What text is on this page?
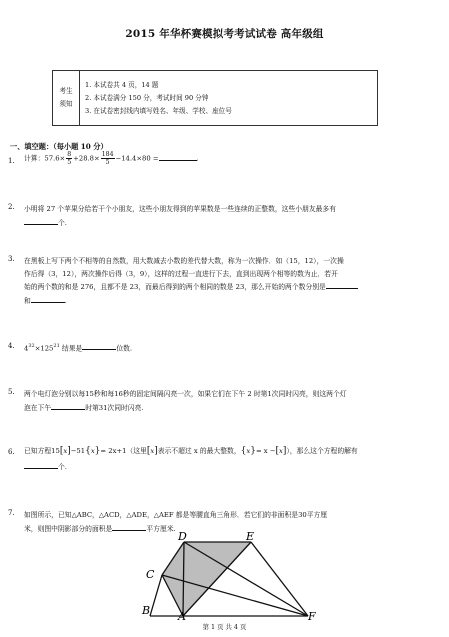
2015 年华杯赛模拟考考试试卷 高年级组
考生
须知
1. 本试卷共 4 页，14 题
2. 本试卷满分 150 分，考试时间 90 分钟
3. 在试卷密封线内填写姓名、年级、学校、座位号
一、填空题：（每小题 10 分）
1. 计算：$57.6\times \frac{8}{5} +28.8\times \frac{184}{5} -14.4\times 80$ =	.
2. 小明将 27 个苹果分给若干个小朋友，这些小朋友得到的苹果数是一些连续的正整数，这些小朋友最多有
个.
3. 在黑板上写下两个不相等的自然数，用大数减去小数的差代替大数，称为一次操作．如（15，12），一次操
作后得（3，12），两次操作后得（3，9），这样的过程一直进行下去，直到出现两个相等的数为止．若开
始的两个数的和是 276，且都不是 23，而最后得到的两个相同的数是 23，那么开始的两个数分别是
和	.
4. $4^{32}\times 125^{21}$ 结果是	位数.
5. 两个电灯泡分别以每15秒和每16秒的固定间隔闪亮一次，如果它们在下午 2 时第1次同时闪亮，则这两个灯
泡在下午	时第31次同时闪亮.
6. 已知方程15[x]−51{x}= 2x+1（这里[x]表示不超过 x 的最大整数，{x}= x −[x]），那么这个方程的解有
个.
7. 如图所示，已知△ABC，△ACD，△ADE，△AEF 都是等腰直角三角形．若它们的非面积是30平方厘
米，则图中阴影部分的面积是	平方厘米.
D	E
C
B	A	F
第 1 页 共 4 页
